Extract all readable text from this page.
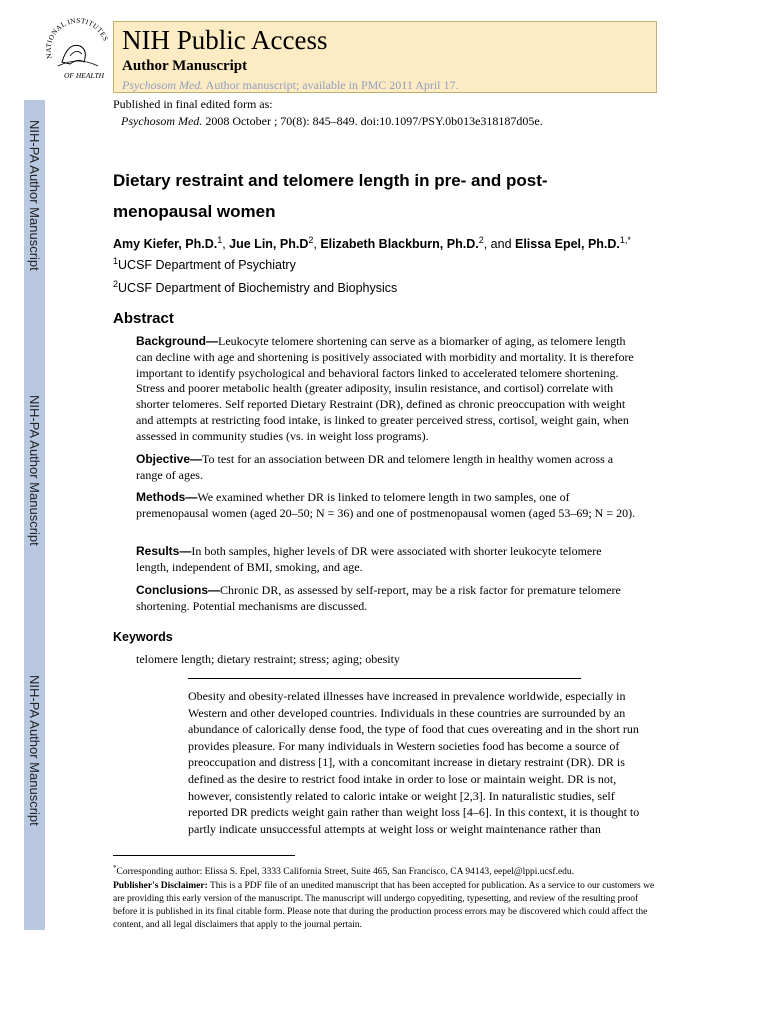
NIH-PA Author Manuscript
NIH-PA Author Manuscript
NIH-PA Author Manuscript
NATIONAL INSTITUTES
OF HEALTH
NIH Public Access
Author Manuscript
Psychosom Med. Author manuscript; available in PMC 2011 April 17.
Published in final edited form as:
Psychosom Med. 2008 October ; 70(8): 845–849. doi:10.1097/PSY.0b013e318187d05e.
Dietary restraint and telomere length in pre- and post-menopausal women
Amy Kiefer, Ph.D.$^1$, Jue Lin, $Ph.D^2$, Elizabeth Blackburn, Ph.D.$^2$, and Elissa Epel, Ph.D.$^{1,*}$
$^1$UCSF Department of Psychiatry
$^2$UCSF Department of Biochemistry and Biophysics
Abstract
Background—Leukocyte telomere shortening can serve as a biomarker of aging, as telomere length can decline with age and shortening is positively associated with morbidity and mortality. It is therefore important to identify psychological and behavioral factors linked to accelerated telomere shortening. Stress and poorer metabolic health (greater adiposity, insulin resistance, and cortisol) correlate with shorter telomeres. Self reported Dietary Restraint (DR), defined as chronic preoccupation with weight and attempts at restricting food intake, is linked to greater perceived stress, cortisol, weight gain, when assessed in community studies (vs. in weight loss programs).
Objective—To test for an association between DR and telomere length in healthy women across a range of ages.
Methods—We examined whether DR is linked to telomere length in two samples, one of premenopausal women (aged 20–50; N = 36) and one of postmenopausal women (aged 53–69; N = 20).
Results—In both samples, higher levels of DR were associated with shorter leukocyte telomere length, independent of BMI, smoking, and age.
Conclusions—Chronic DR, as assessed by self-report, may be a risk factor for premature telomere shortening. Potential mechanisms are discussed.
Keywords
telomere length; dietary restraint; stress; aging; obesity
Obesity and obesity-related illnesses have increased in prevalence worldwide, especially in Western and other developed countries. Individuals in these countries are surrounded by an abundance of calorically dense food, the type of food that cues overeating and in the short run provides pleasure. For many individuals in Western societies food has become a source of preoccupation and distress [1], with a concomitant increase in dietary restraint (DR). DR is defined as the desire to restrict food intake in order to lose or maintain weight. DR is not, however, consistently related to caloric intake or weight [2,3]. In naturalistic studies, self reported DR predicts weight gain rather than weight loss [4–6]. In this context, it is thought to partly indicate unsuccessful attempts at weight loss or weight maintenance rather than
*Corresponding author: Elissa S. Epel, 3333 California Street, Suite 465, San Francisco, CA 94143, eepel@lppi.ucsf.edu.
Publisher's Disclaimer: This is a PDF file of an unedited manuscript that has been accepted for publication. As a service to our customers we are providing this early version of the manuscript. The manuscript will undergo copyediting, typesetting, and review of the resulting proof before it is published in its final citable form. Please note that during the production process errors may be discovered which could affect the content, and all legal disclaimers that apply to the journal pertain.
